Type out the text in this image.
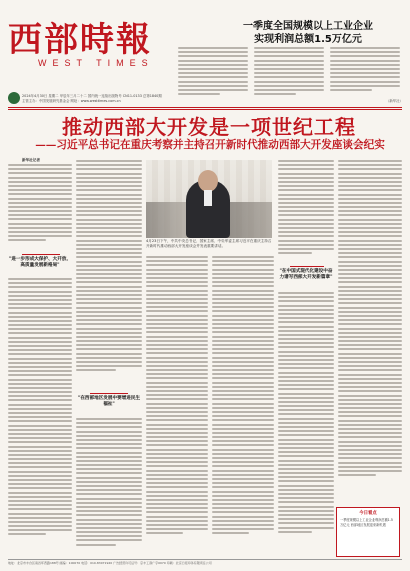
西部時報
WEST TIMES
2024年4月30日 星期二 甲辰年三月二十二 国内统一连续出版物号 CN11-0133 总第1840期
主管主办：中国发展研究基金会 网址：www.westtimes.com.cn
一季度全国规模以上工业企业
实现利润总额1.5万亿元
（新华社）
推动西部大开发是一项世纪工程
——习近平总书记在重庆考察并主持召开新时代推动西部大开发座谈会纪实
新华社记者
"进一步形成大保护、大开放、高质量发展新格局"
"在西部地区发展中要增进民生福祉"
4月23日下午，中共中央总书记、国家主席、中央军委主席习近平在重庆主持召开新时代推动西部大开发座谈会并发表重要讲话。
"在中国式现代化建设中奋力谱写西部大开发新篇章"
今日看点
一季度规模以上工业企业利润总额1.5万亿元 西部地区发展迎来新机遇
地址：北京市丰台区南四环西路188号 邮编：100070 电话：010-83071920 广告经营许可证号：京丰工商广字0070 印刷：北京日报印务有限责任公司
